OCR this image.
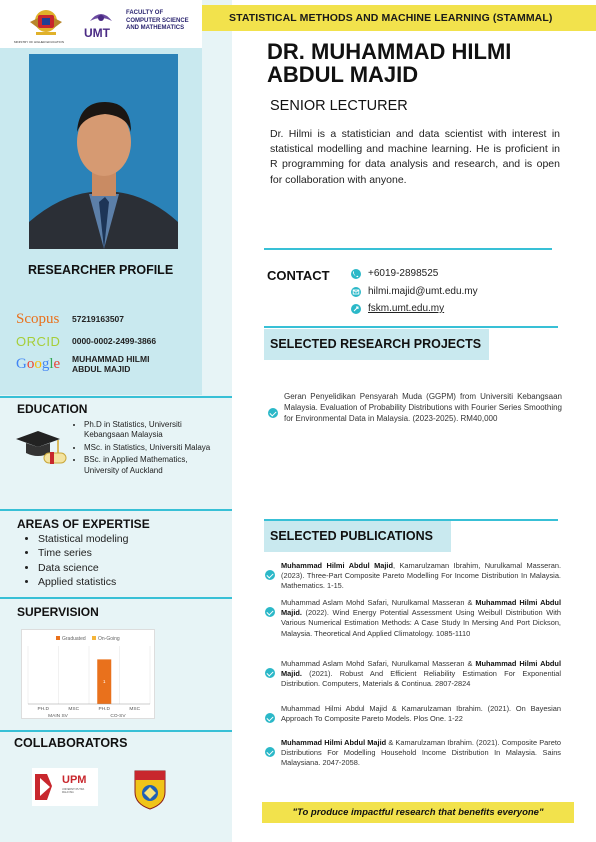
MINISTRY OF HIGHER EDUCATION
UMT
FACULTY OF
COMPUTER SCIENCE
AND MATHEMATICS
RESEARCHER PROFILE
Scopus	57219163507
ORCID	0000-0002-2499-3866
Google	MUHAMMAD HILMI
ABDUL MAJID
EDUCATION
• Ph.D in Statistics, Universiti Kebangsaan Malaysia
• MSc. in Statistics, Universiti Malaya
• BSc. in Applied Mathematics, University of Auckland
AREAS OF EXPERTISE
• Statistical modeling
• Time series
• Data science
• Applied statistics
SUPERVISION
Graduated On-Going
1
PH.D	MSC	PH.D	MSC
MAIN SV	CO-SV
COLLABORATORS
UPM
UNIVERSITI PUTRA MALAYSIA
STATISTICAL METHODS AND MACHINE LEARNING (STAMMAL)
DR. MUHAMMAD HILMI
ABDUL MAJID
SENIOR LECTURER
Dr. Hilmi is a statistician and data scientist with interest in statistical modelling and machine learning. He is proficient in R programming for data analysis and research, and is open for collaboration with anyone.
CONTACT	+6019-2898525
hilmi.majid@umt.edu.my
fskm.umt.edu.my
SELECTED RESEARCH PROJECTS
Geran Penyelidikan Pensyarah Muda (GGPM) from Universiti Kebangsaan Malaysia. Evaluation of Probability Distributions with Fourier Series Smoothing for Environmental Data in Malaysia. (2023-2025). RM40,000
SELECTED PUBLICATIONS
Muhammad Hilmi Abdul Majid, Kamarulzaman Ibrahim, Nurulkamal Masseran. (2023). Three-Part Composite Pareto Modelling For Income Distribution In Malaysia. Mathematics. 1-15.
Muhammad Aslam Mohd Safari, Nurulkamal Masseran & Muhammad Hilmi Abdul Majid. (2022). Wind Energy Potential Assessment Using Weibull Distribution With Various Numerical Estimation Methods: A Case Study In Mersing And Port Dickson, Malaysia. Theoretical And Applied Climatology. 1085-1110
Muhammad Aslam Mohd Safari, Nurulkamal Masseran & Muhammad Hilmi Abdul Majid. (2021). Robust And Efficient Reliability Estimation For Exponential Distribution. Computers, Materials & Continua. 2807-2824
Muhammad Hilmi Abdul Majid & Kamarulzaman Ibrahim. (2021). On Bayesian Approach To Composite Pareto Models. Plos One. 1-22
Muhammad Hilmi Abdul Majid & Kamarulzaman Ibrahim. (2021). Composite Pareto Distributions For Modelling Household Income Distribution In Malaysia. Sains Malaysiana. 2047-2058.
"To produce impactful research that benefits everyone"
